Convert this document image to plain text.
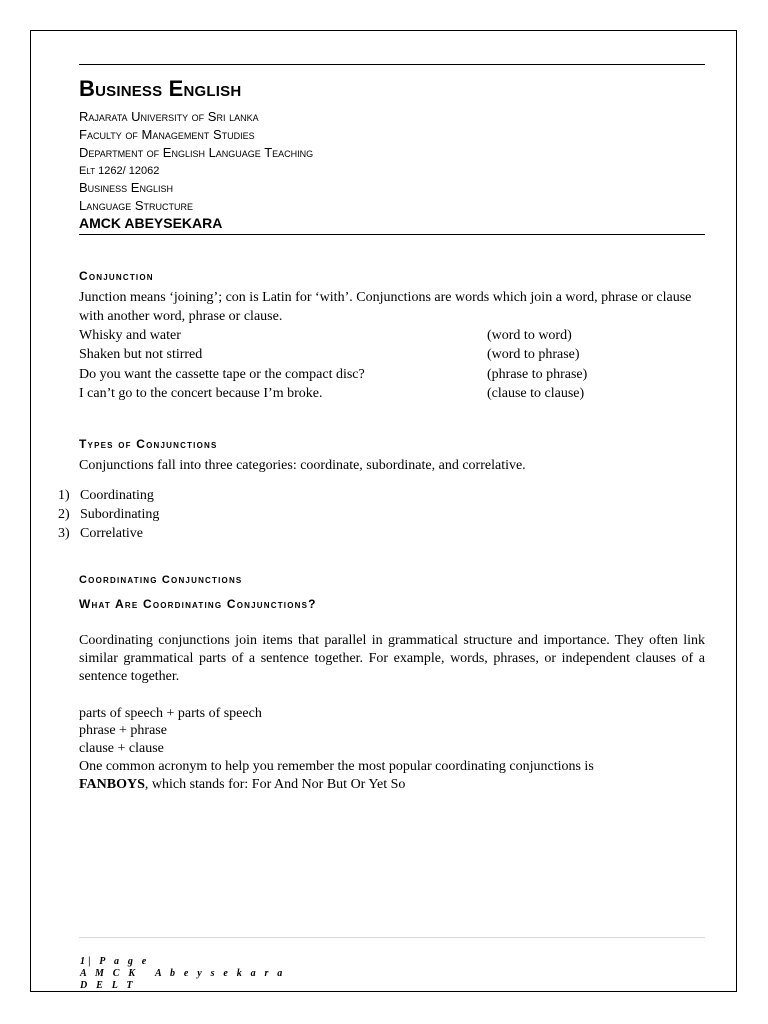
Business English
Rajarata University of Sri lanka
Faculty of Management Studies
Department of English Language Teaching
Elt 1262/ 12062
Business English
Language Structure
AMCK ABEYSEKARA
Conjunction

Junction means ‘joining’; con is Latin for ‘with’. Conjunctions are words which join a word, phrase or clause with another word, phrase or clause.

Whisky and water	(word to word)
Shaken but not stirred	(word to phrase)
Do you want the cassette tape or the compact disc?	(phrase to phrase)
I can’t go to the concert because I’m broke.	(clause to clause)
Types of Conjunctions

Conjunctions fall into three categories: coordinate, subordinate, and correlative.

1) Coordinating
2) Subordinating
3) Correlative
Coordinating Conjunctions
What Are Coordinating Conjunctions?

Coordinating conjunctions join items that parallel in grammatical structure and importance. They often link similar grammatical parts of a sentence together. For example, words, phrases, or independent clauses of a sentence together.

parts of speech + parts of speech
phrase + phrase
clause + clause
One common acronym to help you remember the most popular coordinating conjunctions is
FANBOYS, which stands for: For And Nor But Or Yet So
1| P a g e
A M C K   A b e y s e k a r a
D E L T
